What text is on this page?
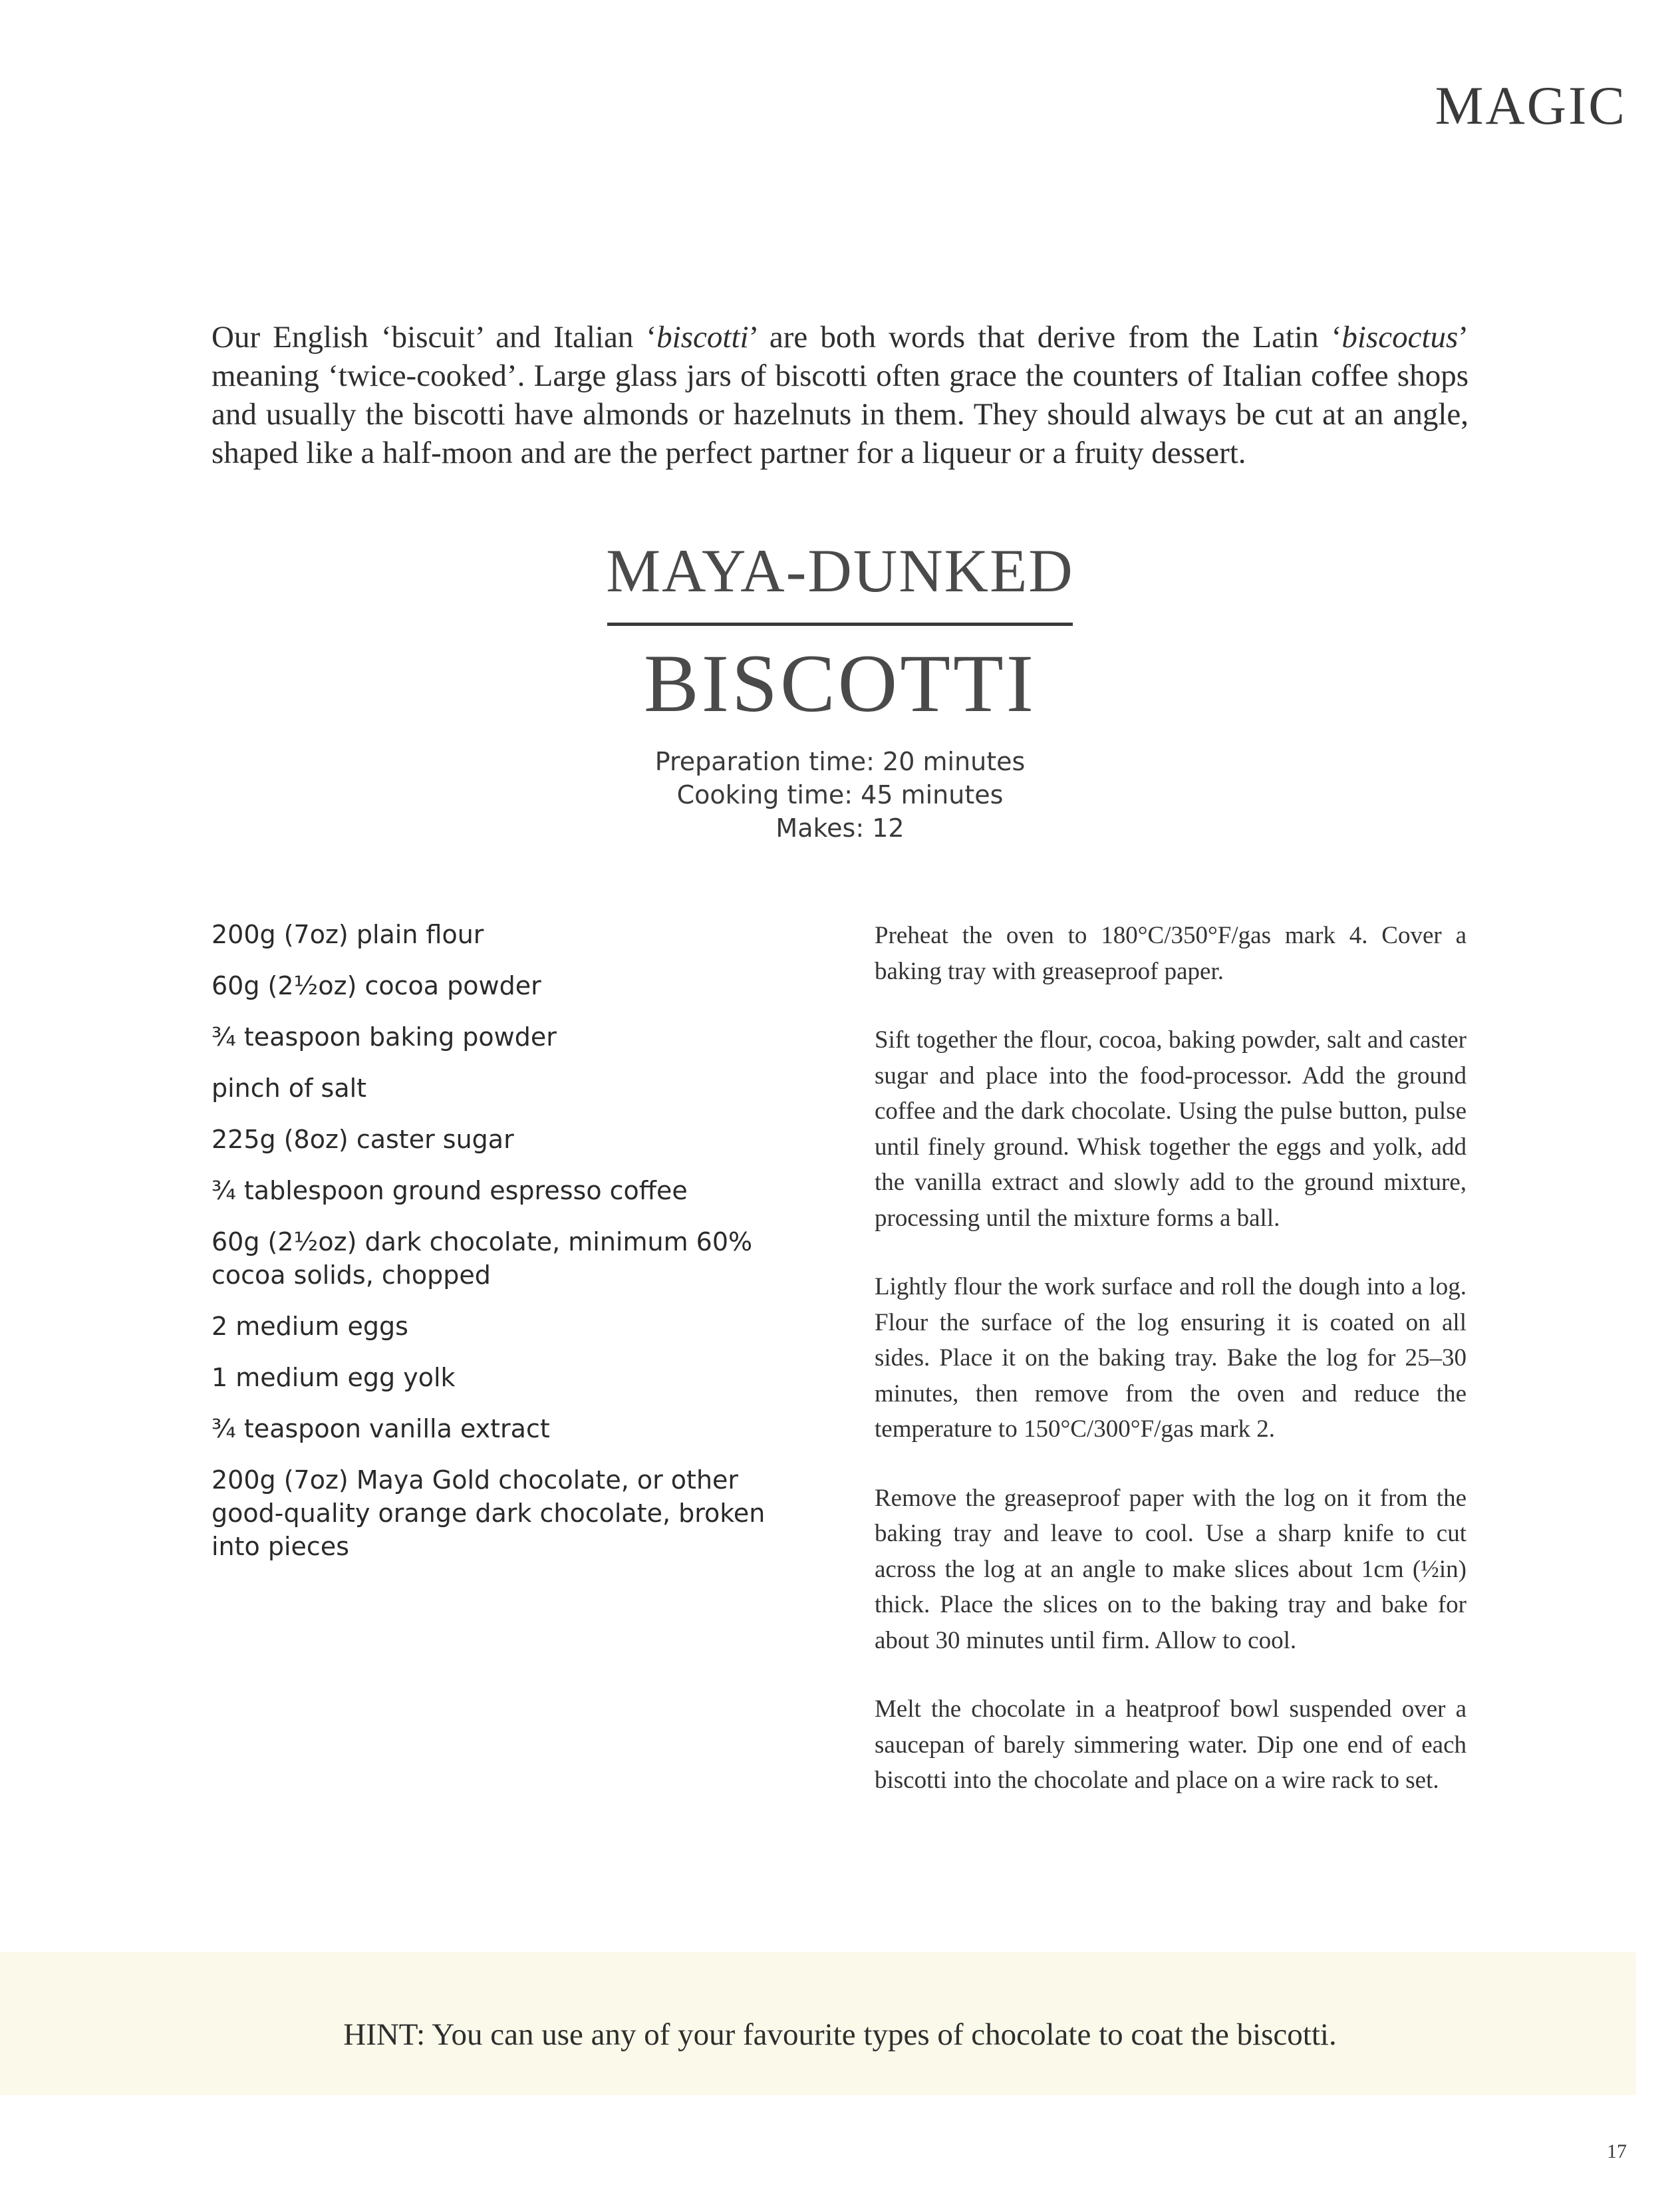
MAGIC

Our English ‘biscuit’ and Italian ‘biscotti’ are both words that derive from the Latin ‘biscoctus’ meaning ‘twice-cooked’. Large glass jars of biscotti often grace the counters of Italian coffee shops and usually the biscotti have almonds or hazelnuts in them. They should always be cut at an angle, shaped like a half-moon and are the perfect partner for a liqueur or a fruity dessert.

MAYA-DUNKED
BISCOTTI
Preparation time: 20 minutes
Cooking time: 45 minutes
Makes: 12
200g (7oz) plain flour
60g (2½oz) cocoa powder
¾ teaspoon baking powder
pinch of salt
225g (8oz) caster sugar
¾ tablespoon ground espresso coffee
60g (2½oz) dark chocolate, minimum 60% cocoa solids, chopped
2 medium eggs
1 medium egg yolk
¾ teaspoon vanilla extract
200g (7oz) Maya Gold chocolate, or other good-quality orange dark chocolate, broken into pieces

Preheat the oven to 180°C/350°F/gas mark 4. Cover a baking tray with greaseproof paper.

Sift together the flour, cocoa, baking powder, salt and caster sugar and place into the food-processor. Add the ground coffee and the dark chocolate. Using the pulse button, pulse until finely ground. Whisk together the eggs and yolk, add the vanilla extract and slowly add to the ground mixture, processing until the mixture forms a ball.

Lightly flour the work surface and roll the dough into a log. Flour the surface of the log ensuring it is coated on all sides. Place it on the baking tray. Bake the log for 25–30 minutes, then remove from the oven and reduce the temperature to 150°C/300°F/gas mark 2.

Remove the greaseproof paper with the log on it from the baking tray and leave to cool. Use a sharp knife to cut across the log at an angle to make slices about 1cm (½in) thick. Place the slices on to the baking tray and bake for about 30 minutes until firm. Allow to cool.

Melt the chocolate in a heatproof bowl suspended over a saucepan of barely simmering water. Dip one end of each biscotti into the chocolate and place on a wire rack to set.

HINT: You can use any of your favourite types of chocolate to coat the biscotti.
17
